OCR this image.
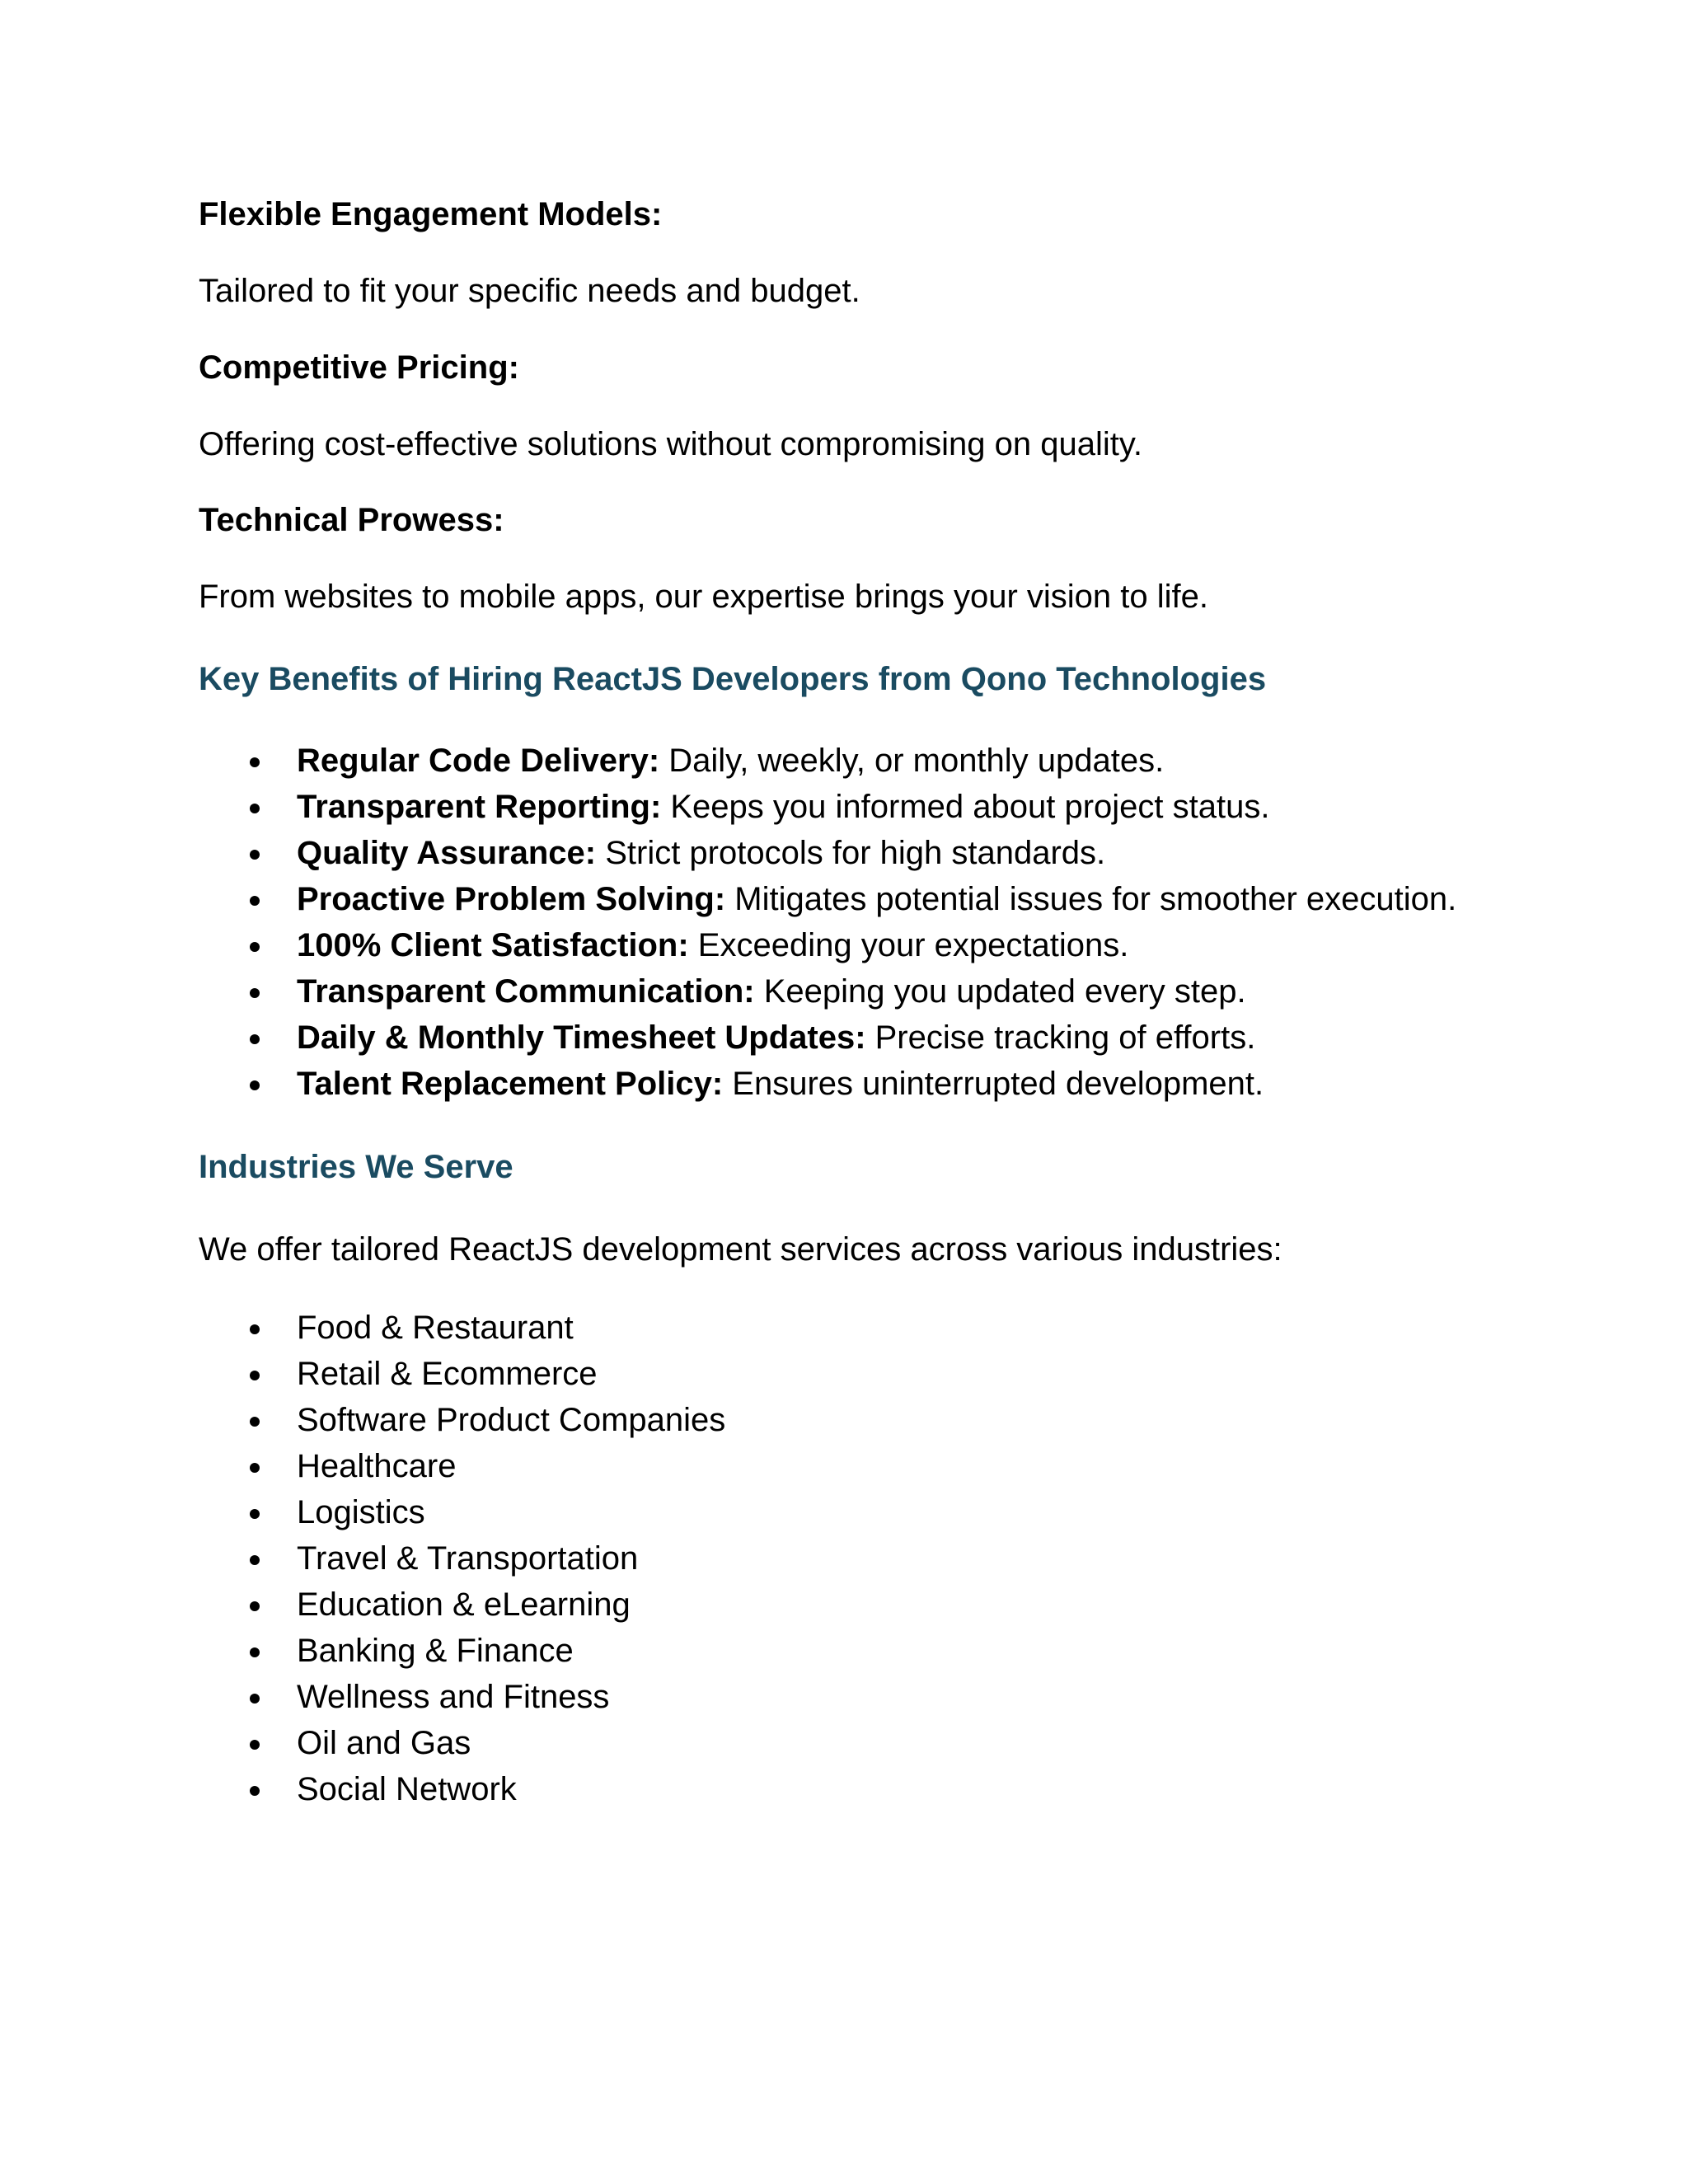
Flexible Engagement Models:

Tailored to fit your specific needs and budget.

Competitive Pricing:

Offering cost-effective solutions without compromising on quality.

Technical Prowess:

From websites to mobile apps, our expertise brings your vision to life.

Key Benefits of Hiring ReactJS Developers from Qono Technologies
Regular Code Delivery: Daily, weekly, or monthly updates.
Transparent Reporting: Keeps you informed about project status.
Quality Assurance: Strict protocols for high standards.
Proactive Problem Solving: Mitigates potential issues for smoother execution.
100% Client Satisfaction: Exceeding your expectations.
Transparent Communication: Keeping you updated every step.
Daily & Monthly Timesheet Updates: Precise tracking of efforts.
Talent Replacement Policy: Ensures uninterrupted development.
Industries We Serve

We offer tailored ReactJS development services across various industries:

Food & Restaurant
Retail & Ecommerce
Software Product Companies
Healthcare
Logistics
Travel & Transportation
Education & eLearning
Banking & Finance
Wellness and Fitness
Oil and Gas
Social Network
